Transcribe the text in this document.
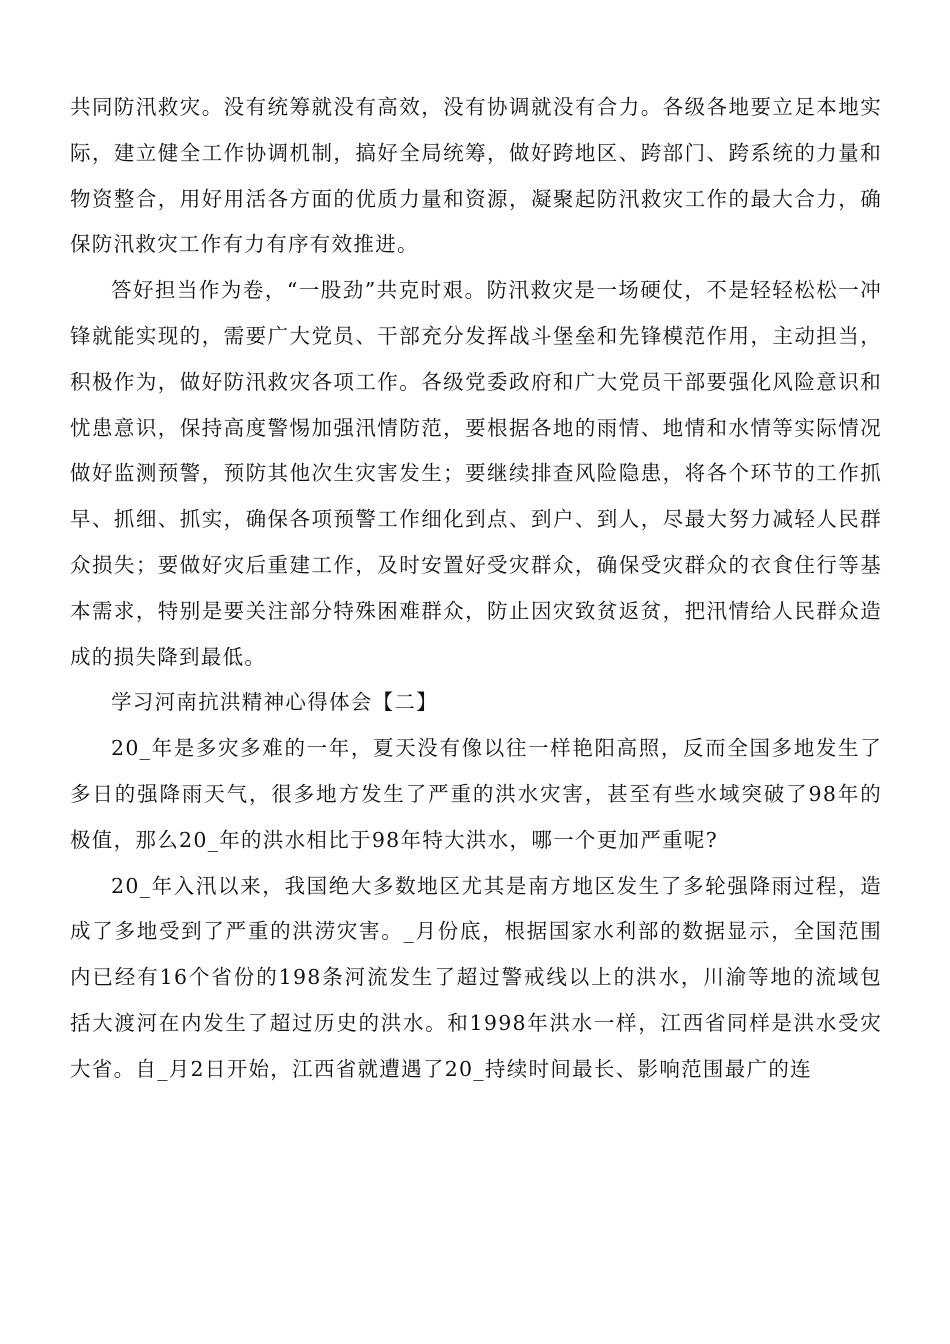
共同防汛救灾。没有统筹就没有高效，没有协调就没有合力。各级各地要立足本地实际，建立健全工作协调机制，搞好全局统筹，做好跨地区、跨部门、跨系统的力量和物资整合，用好用活各方面的优质力量和资源，凝聚起防汛救灾工作的最大合力，确保防汛救灾工作有力有序有效推进。

答好担当作为卷，“一股劲”共克时艰。防汛救灾是一场硬仗，不是轻轻松松一冲锋就能实现的，需要广大党员、干部充分发挥战斗堡垒和先锋模范作用，主动担当，积极作为，做好防汛救灾各项工作。各级党委政府和广大党员干部要强化风险意识和忧患意识，保持高度警惕加强汛情防范，要根据各地的雨情、地情和水情等实际情况做好监测预警，预防其他次生灾害发生；要继续排查风险隐患，将各个环节的工作抓早、抓细、抓实，确保各项预警工作细化到点、到户、到人，尽最大努力减轻人民群众损失；要做好灾后重建工作，及时安置好受灾群众，确保受灾群众的衣食住行等基本需求，特别是要关注部分特殊困难群众，防止因灾致贫返贫，把汛情给人民群众造成的损失降到最低。

学习河南抗洪精神心得体会【二】

20_年是多灾多难的一年，夏天没有像以往一样艳阳高照，反而全国多地发生了多日的强降雨天气，很多地方发生了严重的洪水灾害，甚至有些水域突破了98年的极值，那么20_年的洪水相比于98年特大洪水，哪一个更加严重呢?

20_年入汛以来，我国绝大多数地区尤其是南方地区发生了多轮强降雨过程，造成了多地受到了严重的洪涝灾害。_月份底，根据国家水利部的数据显示，全国范围内已经有16个省份的198条河流发生了超过警戒线以上的洪水，川渝等地的流域包括大渡河在内发生了超过历史的洪水。和1998年洪水一样，江西省同样是洪水受灾大省。自_月2日开始，江西省就遭遇了20_持续时间最长、影响范围最广的连
